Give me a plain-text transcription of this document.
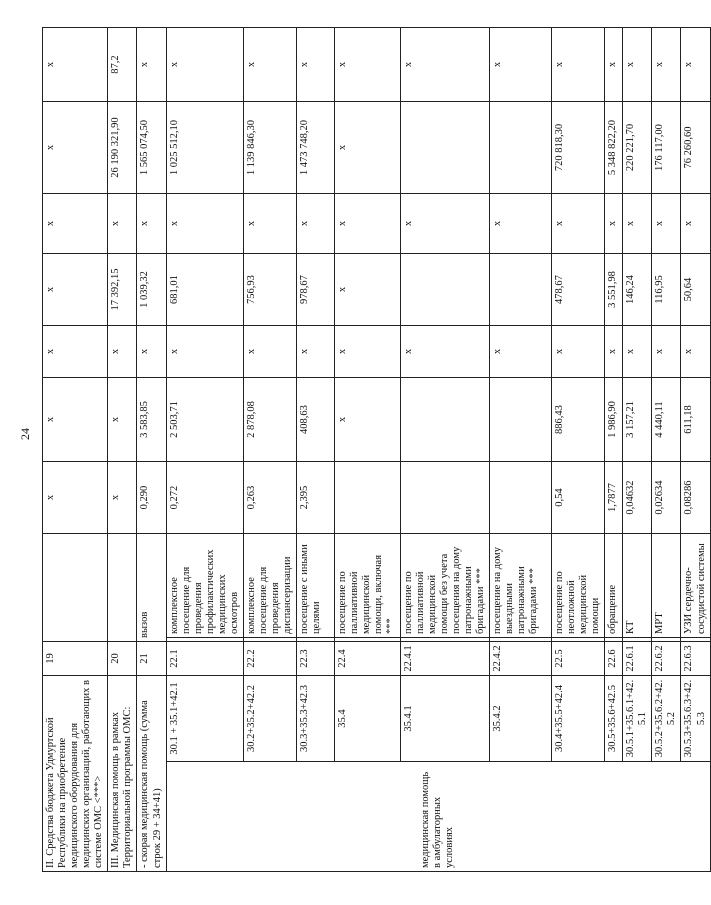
24
II. Средства бюджета Удмуртской Республики на приобретение медицинского оборудования для медицинских организаций, работающих в системе ОМС <***>		19			x	x	x	x	x	x	x
III. Медицинская помощь в рамках Территориальной программы ОМС:		20			x	x	x	17 392,15	x	26 190 321,90	87,2
- скорая медицинская помощь (сумма строк 29 + 34+41)		21	вызов		0,290	3 583,85	x	1 039,32	x	1 565 074,50	x
медицинская помощь в амбулаторных условиях	30.1 + 35.1+42.1	22.1		комплексное посещение для проведения профилактических медицинских осмотров	0,272	2 503,71	x	681,01	x	1 025 512,10	x
	30.2+35.2+42.2	22.2		комплексное посещение для проведения диспансеризации	0,263	2 878,08	x	756,93	x	1 139 846,30	x
	30.3+35.3+42.3	22.3		посещение с иными целями	2,395	408,63	x	978,67	x	1 473 748,20	x
	35.4	22.4		посещение по паллиативной медицинской помощи, включая ***		x	x	x	x	x	x
	35.4.1	22.4.1		посещение по паллиативной медицинской помощи без учета посещения на дому патронажными бригадами ***			x		x		x
	35.4.2	22.4.2		посещение на дому выездными патронажными бригадами ***			x		x		x
	30.4+35.5+42.4	22.5		посещение по неотложной медицинской помощи	0,54	886,43	x	478,67	x	720 818,30	x
	30.5+35.6+42.5	22.6		обращение	1,7877	1 986,90	x	3 551,98	x	5 348 822,20	x
	30.5.1+35.6.1+42.5.1	22.6.1		КТ	0,04632	3 157,21	x	146,24	x	220 221,70	x
	30.5.2+35.6.2+42.5.2	22.6.2		МРТ	0,02634	4 440,11	x	116,95	x	176 117,00	x
	30.5.3+35.6.3+42.5.3	22.6.3		УЗИ сердечно-сосудистой системы	0,08286	611,18	x	50,64	x	76 260,60	x
